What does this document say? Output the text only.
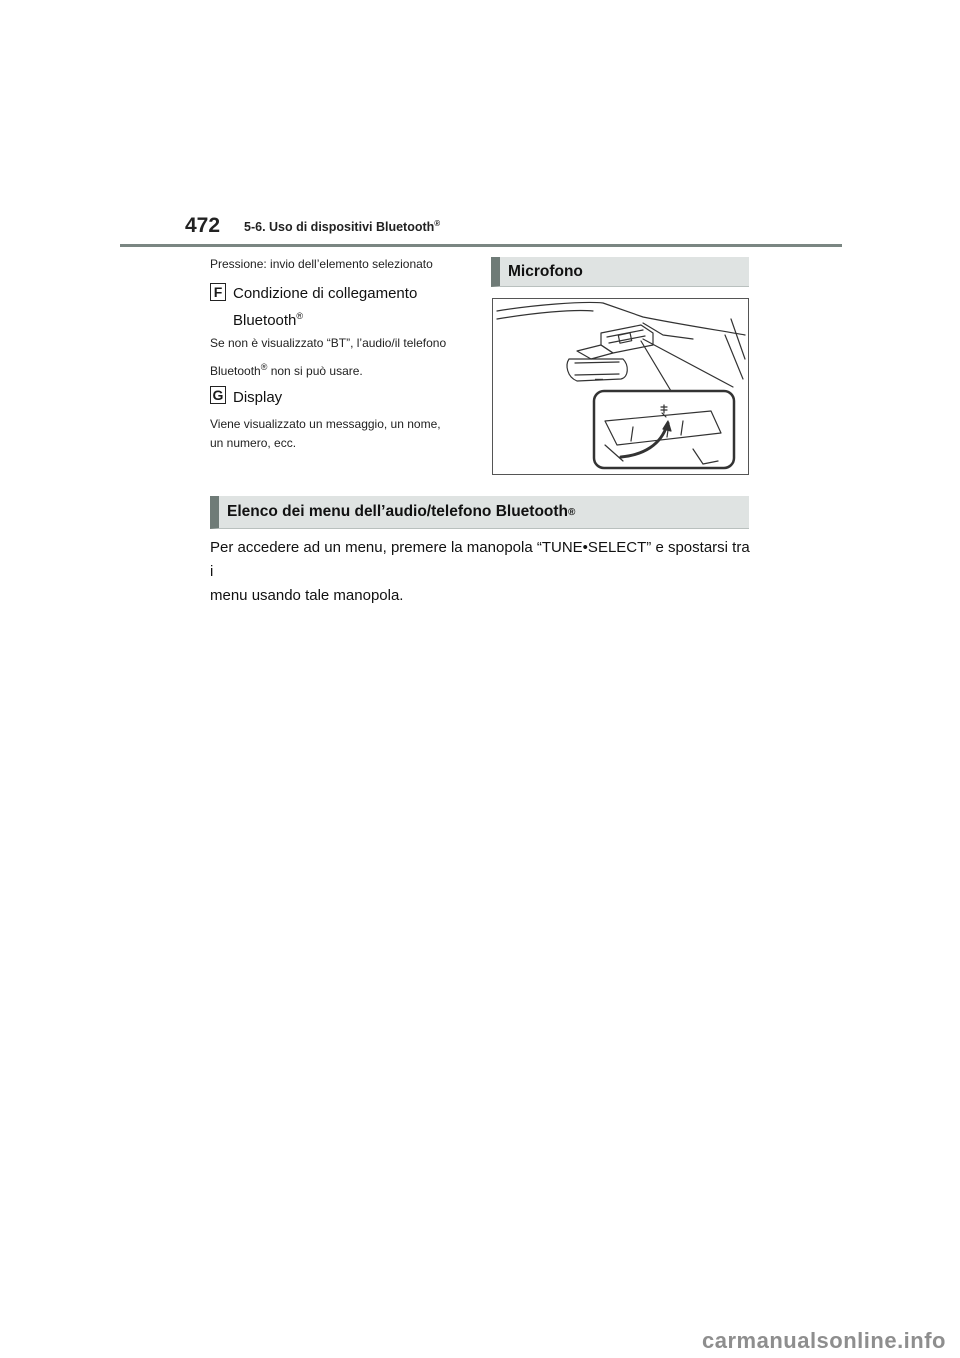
472 5-6. Uso di dispositivi Bluetooth®
Pressione: invio dell’elemento selezionato
F Condizione di collegamento
Bluetooth®
Se non è visualizzato “BT”, l’audio/il telefono
Bluetooth® non si può usare.
G Display
Viene visualizzato un messaggio, un nome,
un numero, ecc.
Microfono
▬▬
Elenco dei menu dell’audio/telefono Bluetooth ®
Per accedere ad un menu, premere la manopola “TUNE•SELECT” e spostarsi tra i
menu usando tale manopola.
carmanualsonline.info
